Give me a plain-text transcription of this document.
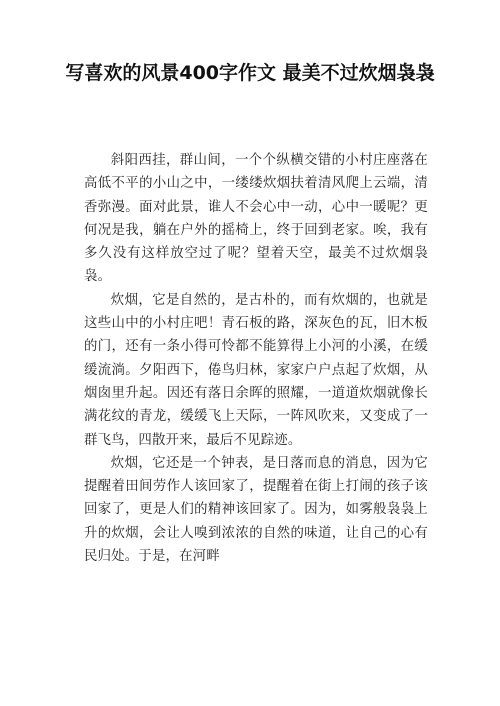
写喜欢的风景400字作文 最美不过炊烟袅袅

斜阳西挂，群山间，一个个纵横交错的小村庄座落在高低不平的小山之中，一缕缕炊烟扶着清风爬上云端，清香弥漫。面对此景，谁人不会心中一动，心中一暖呢？更何况是我，躺在户外的摇椅上，终于回到老家。唉，我有多久没有这样放空过了呢？望着天空，最美不过炊烟袅袅。

炊烟，它是自然的，是古朴的，而有炊烟的，也就是这些山中的小村庄吧！青石板的路，深灰色的瓦，旧木板的门，还有一条小得可怜都不能算得上小河的小溪，在缓缓流淌。夕阳西下，倦鸟归林，家家户户点起了炊烟，从烟囱里升起。因还有落日余晖的照耀，一道道炊烟就像长满花纹的青龙，缓缓飞上天际，一阵风吹来，又变成了一群飞鸟，四散开来，最后不见踪迹。

炊烟，它还是一个钟表，是日落而息的消息，因为它提醒着田间劳作人该回家了，提醒着在街上打闹的孩子该回家了，更是人们的精神该回家了。因为，如雾般袅袅上升的炊烟，会让人嗅到浓浓的自然的味道，让自己的心有民归处。于是，在河畔
